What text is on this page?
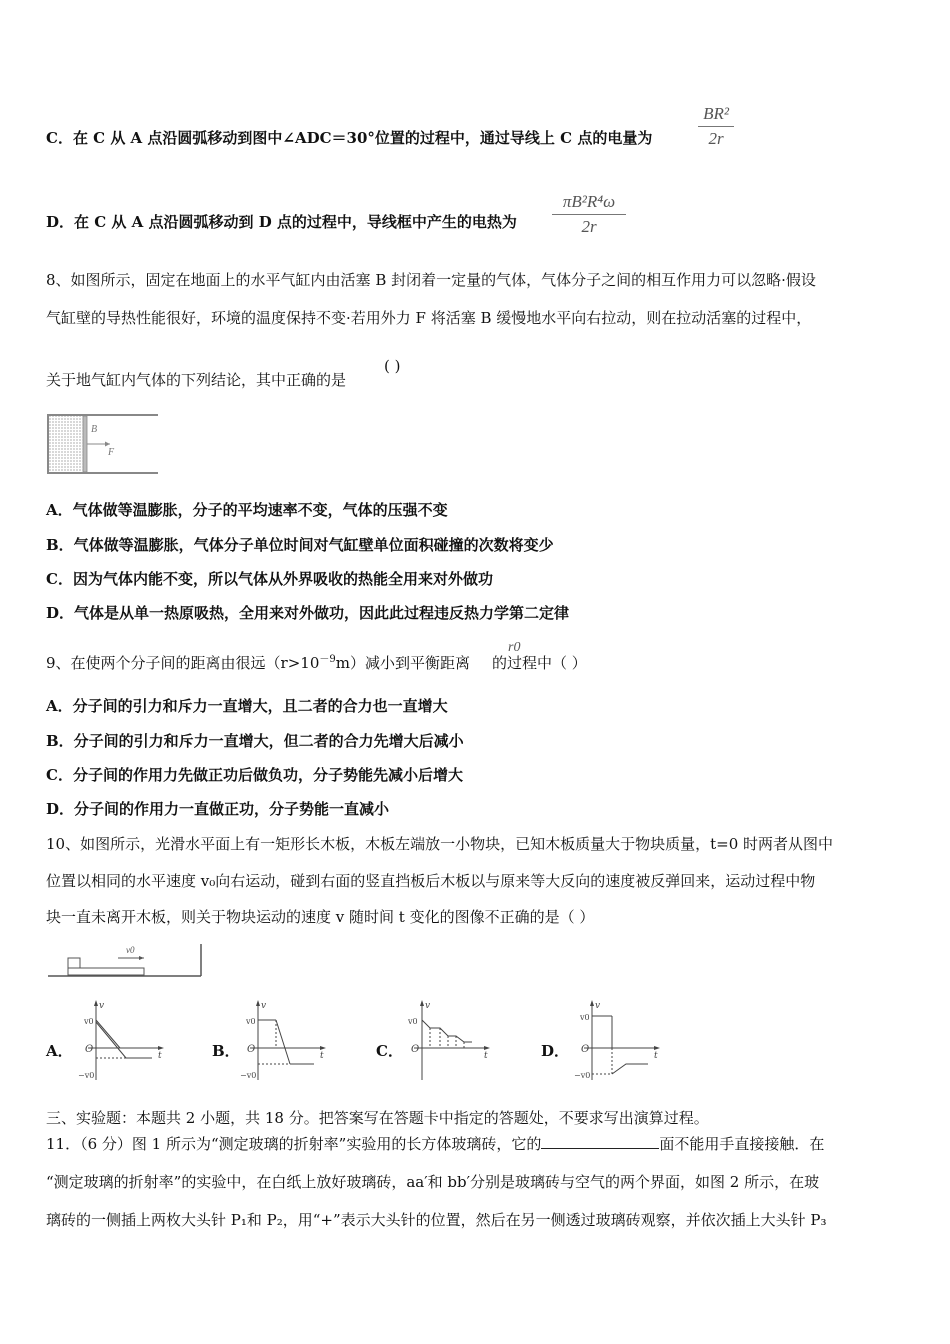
C．在 C 从 A 点沿圆弧移动到图中∠ADC＝30°位置的过程中，通过导线上 C 点的电量为
BR²
2r
D．在 C 从 A 点沿圆弧移动到 D 点的过程中，导线框中产生的电热为
πB²R⁴ω
2r
8、如图所示，固定在地面上的水平气缸内由活塞 B 封闭着一定量的气体，气体分子之间的相互作用力可以忽略·假设
气缸壁的导热性能很好，环境的温度保持不变·若用外力 F 将活塞 B 缓慢地水平向右拉动，则在拉动活塞的过程中，
关于地气缸内气体的下列结论，其中正确的是
( )
B
F
A．气体做等温膨胀，分子的平均速率不变，气体的压强不变
B．气体做等温膨胀，气体分子单位时间对气缸壁单位面积碰撞的次数将变少
C．因为气体内能不变，所以气体从外界吸收的热能全用来对外做功
D．气体是从单一热原吸热，全用来对外做功，因此此过程违反热力学第二定律
9、在使两个分子间的距离由很远$(r>10^{-9}m)$减小到平衡距离 的过程中（ ）
r0
A．分子间的引力和斥力一直增大，且二者的合力也一直增大
B．分子间的引力和斥力一直增大，但二者的合力先增大后减小
C．分子间的作用力先做正功后做负功，分子势能先减小后增大
D．分子间的作用力一直做正功，分子势能一直减小
10、如图所示，光滑水平面上有一矩形长木板，木板左端放一小物块，已知木板质量大于物块质量，t=0 时两者从图中
位置以相同的水平速度 v₀向右运动，碰到右面的竖直挡板后木板以与原来等大反向的速度被反弹回来，运动过程中物
块一直未离开木板，则关于物块运动的速度 v 随时间 t 变化的图像不正确的是（ ）
v0
A．
v
t
O
v0
−v0
B．
v
t
O
v0
−v0
C．
v
t
O
v0
D．
v
t
O
v0
−v0
三、实验题：本题共 2 小题，共 18 分。把答案写在答题卡中指定的答题处，不要求写出演算过程。
11．（6 分）图 1 所示为“测定玻璃的折射率”实验用的长方体玻璃砖，它的	面不能用手直接接触．在
“测定玻璃的折射率”的实验中，在白纸上放好玻璃砖，aa′和 bb′分别是玻璃砖与空气的两个界面，如图 2 所示，在玻
璃砖的一侧插上两枚大头针 P₁和 P₂，用“+”表示大头针的位置，然后在另一侧透过玻璃砖观察，并依次插上大头针 P₃
